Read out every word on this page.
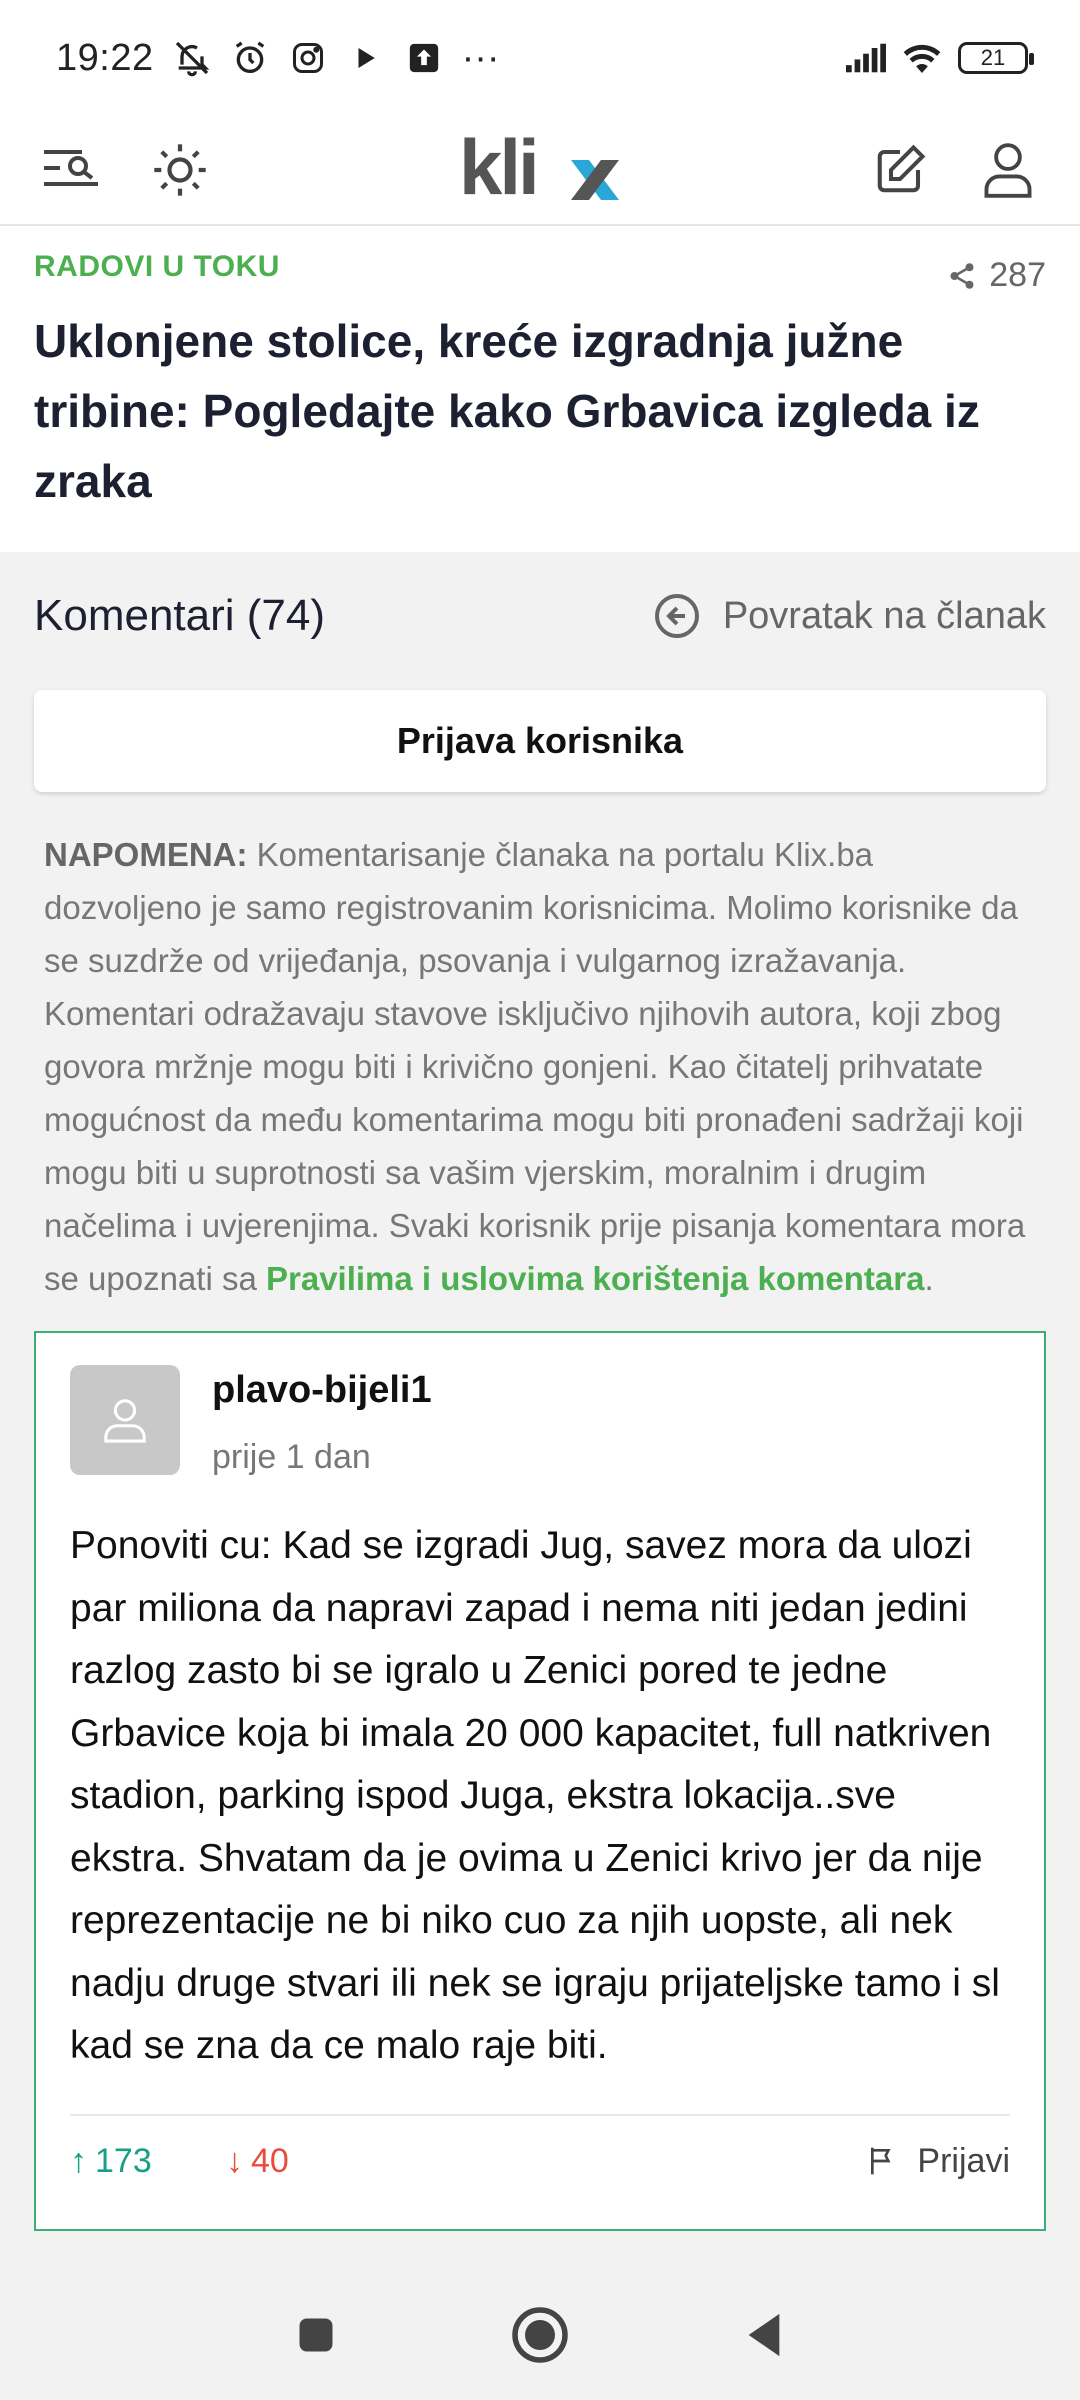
19:22	···	21
kli
RADOVI U TOKU	287
Uklonjene stolice, kreće izgradnja južne tribine: Pogledajte kako Grbavica izgleda iz zraka
Komentari (74)	Povratak na članak
Prijava korisnika

NAPOMENA: Komentarisanje članaka na portalu Klix.ba dozvoljeno je samo registrovanim korisnicima. Molimo korisnike da se suzdrže od vrijeđanja, psovanja i vulgarnog izražavanja. Komentari odražavaju stavove isključivo njihovih autora, koji zbog govora mržnje mogu biti i krivično gonjeni. Kao čitatelj prihvatate mogućnost da među komentarima mogu biti pronađeni sadržaji koji mogu biti u suprotnosti sa vašim vjerskim, moralnim i drugim načelima i uvjerenjima. Svaki korisnik prije pisanja komentara mora se upoznati sa Pravilima i uslovima korištenja komentara.

plavo-bijeli1
prije 1 dan

Ponoviti cu: Kad se izgradi Jug, savez mora da ulozi par miliona da napravi zapad i nema niti jedan jedini razlog zasto bi se igralo u Zenici pored te jedne Grbavice koja bi imala 20 000 kapacitet, full natkriven stadion, parking ispod Juga, ekstra lokacija..sve ekstra. Shvatam da je ovima u Zenici krivo jer da nije reprezentacije ne bi niko cuo za njih uopste, ali nek nadju druge stvari ili nek se igraju prijateljske tamo i sl kad se zna da ce malo raje biti.

↑ 173 ↓ 40	Prijavi
